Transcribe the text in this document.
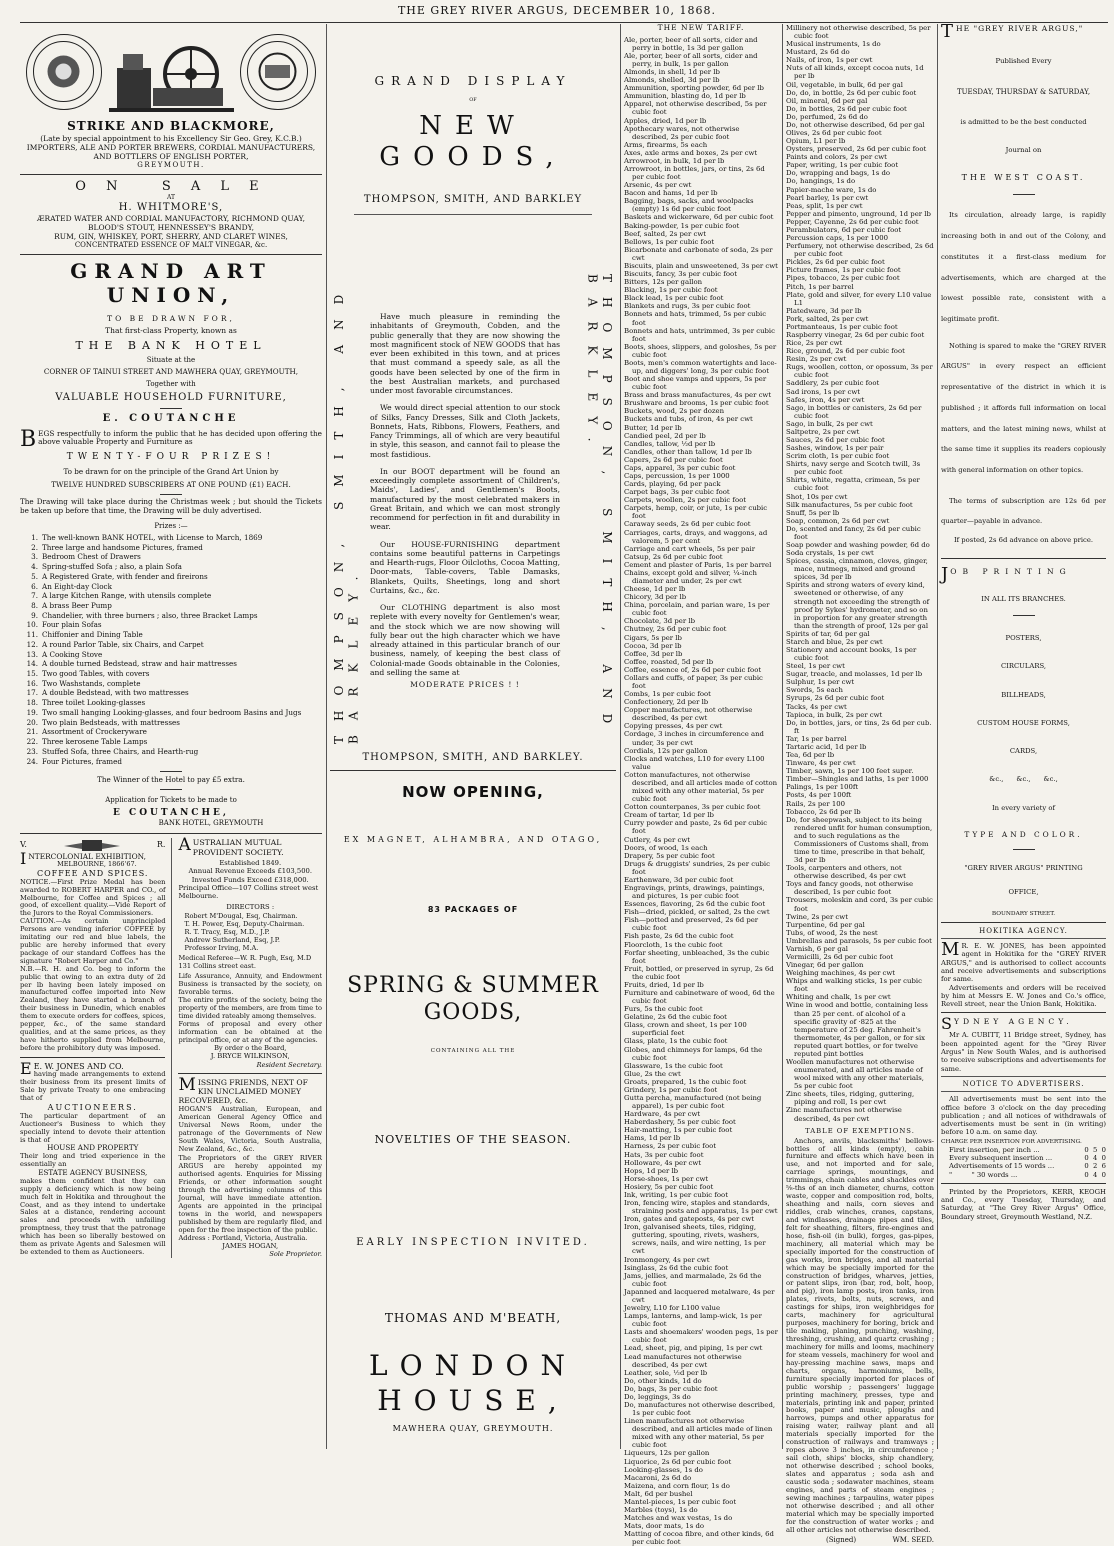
THE GREY RIVER ARGUS, DECEMBER 10, 1868.
STRIKE AND BLACKMORE,
(Late by special appointment to his Excellency Sir Geo. Grey, K.C.B.)
IMPORTERS, ALE AND PORTER BREWERS, CORDIAL MANUFACTURERS,
AND BOTTLERS OF ENGLISH PORTER,
GREYMOUTH.
O N   S A L E
AT
H. WHITMORE'S,
ÆRATED WATER AND CORDIAL MANUFACTORY, RICHMOND QUAY,
BLOOD'S STOUT, HENNESSEY'S BRANDY,
RUM, GIN, WHISKEY, PORT, SHERRY, AND CLARET WINES,
CONCENTRATED ESSENCE OF MALT VINEGAR, &c.
GRAND ART UNION,
TO BE DRAWN FOR,
That first-class Property, known as
THE BANK HOTEL
Situate at the
CORNER OF TAINUI STREET AND MAWHERA QUAY, GREYMOUTH,
Together with
VALUABLE HOUSEHOLD FURNITURE,
E. COUTANCHE
BEGS respectfully to inform the public that he has decided upon offering the above valuable Property and Furniture as
TWENTY-FOUR PRIZES!
To be drawn for on the principle of the Grand Art Union by
TWELVE HUNDRED SUBSCRIBERS AT ONE POUND (£1) EACH.
The Drawing will take place during the Christmas week ; but should the Tickets be taken up before that time, the Drawing will be duly advertised.
Prizes :—
1. The well-known BANK HOTEL, with License to March, 1869
2. Three large and handsome Pictures, framed
3. Bedroom Chest of Drawers
4. Spring-stuffed Sofa ; also, a plain Sofa
5. A Registered Grate, with fender and fireirons
6. An Eight-day Clock
7. A large Kitchen Range, with utensils complete
8. A brass Beer Pump
9. Chandelier, with three burners ; also, three Bracket Lamps
10. Four plain Sofas
11. Chiffonier and Dining Table
12. A round Parlor Table, six Chairs, and Carpet
13. A Cooking Stove
14. A double turned Bedstead, straw and hair mattresses
15. Two good Tables, with covers
16. Two Washstands, complete
17. A double Bedstead, with two mattresses
18. Three toilet Looking-glasses
19. Two small hanging Looking-glasses, and four bedroom Basins and Jugs
20. Two plain Bedsteads, with mattresses
21. Assortment of Crockeryware
22. Three kerosene Table Lamps
23. Stuffed Sofa, three Chairs, and Hearth-rug
24. Four Pictures, framed
The Winner of the Hotel to pay £5 extra.
Application for Tickets to be made to
E COUTANCHE,
BANK HOTEL, GREYMOUTH
V.	R.
INTERCOLONIAL EXHIBITION,
MELBOURNE, 1866'67.
COFFEE AND SPICES.
NOTICE.—First Prize Medal has been awarded to ROBERT HARPER and CO., of Melbourne, for Coffee and Spices ; all good, of excellent quality.—Vide Report of the Jurors to the Royal Commissioners.
CAUTION.—As certain unprincipled Persons are vending inferior COFFEE by imitating our red and blue labels, the public are hereby informed that every package of our standard Coffees has the signature "Robert Harper and Co."
N.B.—R. H. and Co. beg to inform the public that owing to an extra duty of 2d per lb having been lately imposed on manufactured coffee imported into New Zealand, they have started a branch of their business in Dunedin, which enables them to execute orders for coffees, spices, pepper, &c., of the same standard qualities, and at the same prices, as they have hitherto supplied from Melbourne, before the prohibitory duty was imposed.
E E. W. JONES AND CO.
having made arrangements to extend their business from its present limits of Sale by private Treaty to one embracing that of
AUCTIONEERS.
The particular department of an Auctioneer's Business to which they specially intend to devote their attention is that of
HOUSE AND PROPERTY
Their long and tried experience in the essentially an
ESTATE AGENCY BUSINESS,
makes them confident that they can supply a deficiency which is now being much felt in Hokitika and throughout the Coast, and as they intend to undertake Sales at a distance, rendering account sales and proceeds with unfailing promptness, they trust that the patronage which has been so liberally bestowed on them as private Agents and Salesmen will be extended to them as Auctioneers.
AUSTRALIAN MUTUAL PROVIDENT SOCIETY.
Established 1849.
Annual Revenue Exceeds £103,500.
Invested Funds Exceed £318,000.
Principal Office—107 Collins street west Melbourne.
DIRECTORS :
Robert M'Dougal, Esq, Chairman.
T. H. Power, Esq, Deputy-Chairman.
R. T. Tracy, Esq, M.D., J.P.
Andrew Sutherland, Esq, J.P.
Professor Irving, M.A.
Medical Referee—W. R. Pugh, Esq, M.D 131 Collins street east.
Life Assurance, Annuity, and Endowment Business is transacted by the society, on favorable terms.
The entire profits of the society, being the property of the members, are from time to time divided rateably among themselves.
Forms of proposal and every other information can be obtained at the principal office, or at any of the agencies.
By order o the Board,
J. BRYCE WILKINSON,
Resident Secretary.
MISSING FRIENDS, NEXT OF KIN UNCLAIMED MONEY RECOVERED, &c.
HOGAN'S Australian, European, and American General Agency Office and Universal News Room, under the patronage of the Governments of New South Wales, Victoria, South Australia, New Zealand, &c., &c.
The Proprietors of the GREY RIVER ARGUS are hereby appointed my authorised agents. Enquiries for Missing Friends, or other information sought through the advertising columns of this Journal, will have immediate attention. Agents are appointed in the principal towns in the world, and newspapers published by them are regularly filed, and open for the free inspection of the public.
Address : Portland, Victoria, Australia.
JAMES HOGAN,
Sole Proprietor.
GRAND DISPLAY
OF
NEW GOODS,
THOMPSON, SMITH, AND BARKLEY
THOMPSON, SMITH, AND BARKLEY.	THOMPSON, SMITH, AND BARKLEY.

Have much pleasure in reminding the inhabitants of Greymouth, Cobden, and the public generally that they are now showing the most magnificent stock of NEW GOODS that has ever been exhibited in this town, and at prices that must command a speedy sale, as all the goods have been selected by one of the firm in the best Australian markets, and purchased under most favorable circumstances.

We would direct special attention to our stock of Silks, Fancy Dresses, Silk and Cloth Jackets, Bonnets, Hats, Ribbons, Flowers, Feathers, and Fancy Trimmings, all of which are very beautiful in style, this season, and cannot fail to please the most fastidious.

In our BOOT department will be found an exceedingly complete assortment of Children's, Maids', Ladies', and Gentlemen's Boots, manufactured by the most celebrated makers in Great Britain, and which we can most strongly recommend for perfection in fit and durability in wear.

Our HOUSE-FURNISHING department contains some beautiful patterns in Carpetings and Hearth-rugs, Floor Oilcloths, Cocoa Matting, Door-mats, Table-covers, Table Damasks, Blankets, Quilts, Sheetings, long and short Curtains, &c., &c.

Our CLOTHING department is also most replete with every novelty for Gentlemen's wear, and the stock which we are now showing will fully bear out the high character which we have already attained in this particular branch of our business, namely, of keeping the best class of Colonial-made Goods obtainable in the Colonies, and selling the same at

MODERATE PRICES ! !

THOMPSON, SMITH, AND BARKLEY.
NOW OPENING,
EX MAGNET, ALHAMBRA, AND OTAGO,
83 PACKAGES OF
SPRING & SUMMER GOODS,
CONTAINING ALL THE
NOVELTIES OF THE SEASON.
EARLY INSPECTION INVITED.
THOMAS AND M'BEATH,
LONDON HOUSE,
MAWHERA QUAY, GREYMOUTH.
THE NEW TARIFF.

Ale, porter, beer of all sorts, cider and perry in bottle, 1s 3d per gallon

Ale, porter, beer of all sorts, cider and perry, in bulk, 1s per gallon

Almonds, in shell, 1d per lb

Almonds, shelled, 3d per lb

Ammunition, sporting powder, 6d per lb

Ammunition, blasting do, 1d per lb

Apparel, not otherwise described, 5s per cubic foot

Apples, dried, 1d per lb

Apothecary wares, not otherwise described, 2s per cubic foot

Arms, firearms, 5s each

Axes, axle arms and boxes, 2s per cwt

Arrowroot, in bulk, 1d per lb

Arrowroot, in bottles, jars, or tins, 2s 6d per cubic foot

Arsenic, 4s per cwt

Bacon and hams, 1d per lb

Bagging, bags, sacks, and woolpacks (empty) 1s 6d per cubic foot

Baskets and wickerware, 6d per cubic foot

Baking-powder, 1s per cubic foot

Beef, salted, 2s per cwt

Bellows, 1s per cubic foot

Bicarbonate and carbonate of soda, 2s per cwt

Biscuits, plain and unsweetened, 3s per cwt

Biscuits, fancy, 3s per cubic foot

Bitters, 12s per gallon

Blacking, 1s per cubic foot

Black lead, 1s per cubic foot

Blankets and rugs, 3s per cubic foot

Bonnets and hats, trimmed, 5s per cubic foot

Bonnets and hats, untrimmed, 3s per cubic foot

Boots, shoes, slippers, and goloshes, 5s per cubic foot

Boots, men's common watertights and lace-up, and diggers' long, 3s per cubic foot

Boot and shoe vamps and uppers, 5s per cubic foot

Brass and brass manufactures, 4s per cwt

Brushware and brooms, 1s per cubic foot

Buckets, wood, 2s per dozen

Buckets and tubs, of iron, 4s per cwt

Butter, 1d per lb

Candied peel, 2d per lb

Candles, tallow, ½d per lb

Candles, other than tallow, 1d per lb

Capers, 2s 6d per cubic foot

Caps, apparel, 3s per cubic foot

Caps, percussion, 1s per 1000

Cards, playing, 6d per pack

Carpet bags, 3s per cubic foot

Carpets, woollen, 2s per cubic foot

Carpets, hemp, coir, or jute, 1s per cubic foot

Caraway seeds, 2s 6d per cubic foot

Carriages, carts, drays, and waggons, ad valorem, 5 per cent

Carriage and cart wheels, 5s per pair

Catsup, 2s 6d per cubic foot

Cement and plaster of Paris, 1s per barrel

Chains, except gold and silver, ¼-inch diameter and under, 2s per cwt

Cheese, 1d per lb

Chicory, 3d per lb

China, porcelain, and parian ware, 1s per cubic foot

Chocolate, 3d per lb

Chutney, 2s 6d per cubic foot

Cigars, 5s per lb

Cocoa, 3d per lb

Coffee, 3d per lb

Coffee, roasted, 5d per lb

Coffee, essence of, 2s 6d per cubic foot

Collars and cuffs, of paper, 3s per cubic foot

Combs, 1s per cubic foot

Confectionery, 2d per lb

Copper manufactures, not otherwise described, 4s per cwt

Copying presses, 4s per cwt

Cordage, 3 inches in circumference and under, 3s per cwt

Cordials, 12s per gallon

Clocks and watches, L10 for every L100 value

Cotton manufactures, not otherwise described, and all articles made of cotton mixed with any other material, 5s per cubic foot

Cotton counterpanes, 3s per cubic foot

Cream of tartar, 1d per lb

Curry powder and paste, 2s 6d per cubic foot

Cutlery, 4s per cwt

Doors, of wood, 1s each

Drapery, 5s per cubic foot

Drugs & druggists' sundries, 2s per cubic foot

Earthenware, 3d per cubic foot

Engravings, prints, drawings, paintings, and pictures, 1s per cubic foot

Essences, flavoring, 2s 6d the cubic foot

Fish—dried, pickled, or salted, 2s the cwt

Fish—potted and preserved, 2s 6d per cubic foot

Fish paste, 2s 6d the cubic foot

Floorcloth, 1s the cubic foot

Forfar sheeting, unbleached, 3s the cubic foot

Fruit, bottled, or preserved in syrup, 2s 6d the cubic foot

Fruits, dried, 1d per lb

Furniture and cabinetware of wood, 6d the cubic foot

Furs, 5s the cubic foot

Gelatine, 2s 6d the cubic foot

Glass, crown and sheet, 1s per 100 superficial feet

Glass, plate, 1s the cubic foot

Globes, and chimneys for lamps, 6d the cubic foot

Glassware, 1s the cubic foot

Glue, 2s the cwt

Groats, prepared, 1s the cubic foot

Grindery, 1s per cubic foot

Gutta percha, manufactured (not being apparel), 1s per cubic foot

Hardware, 4s per cwt

Haberdashery, 5s per cubic foot

Hair-matting, 1s per cubic foot

Hams, 1d per lb

Harness, 2s per cubic foot

Hats, 3s per cubic foot

Holloware, 4s per cwt

Hops, 1d per lb

Horse-shoes, 1s per cwt

Hosiery, 5s per cubic foot

Ink, writing, 1s per cubic foot

Iron, fencing wire, staples and standards, straining posts and apparatus, 1s per cwt

Iron, gates and gateposts, 4s per cwt

Iron, galvanised sheets, tiles, ridging, guttering, spouting, rivets, washers, screws, nails, and wire netting, 1s per cwt

Ironmongery, 4s per cwt

Isinglass, 2s 6d the cubic foot

Jams, jellies, and marmalade, 2s 6d the cubic foot

Japanned and lacquered metalware, 4s per cwt

Jewelry, L10 for L100 value

Lamps, lanterns, and lamp-wick, 1s per cubic foot

Lasts and shoemakers' wooden pegs, 1s per cubic foot

Lead, sheet, pig, and piping, 1s per cwt

Lead manufactures not otherwise described, 4s per cwt

Leather, sole, ½d per lb

Do, other kinds, 1d do

Do, bags, 3s per cubic foot

Do, leggings, 3s do

Do, manufactures not otherwise described, 1s per cubic foot

Linen manufactures not otherwise described, and all articles made of linen mixed with any other material, 5s per cubic foot

Liqueurs, 12s per gallon

Liquorice, 2s 6d per cubic foot

Looking-glasses, 1s do

Macaroni, 2s 6d do

Maizena, and corn flour, 1s do

Malt, 6d per bushel

Mantel-pieces, 1s per cubic foot

Marbles (toys), 1s do

Matches and wax vestas, 1s do

Mats, door mats, 1s do

Matting of cocoa fibre, and other kinds, 6d per cubic foot

Millinery not otherwise described, 5s per cubic foot

Musical instruments, 1s do

Mustard, 2s 6d do

Nails, of iron, 1s per cwt

Nuts of all kinds, except cocoa nuts, 1d per lb

Oil, vegetable, in bulk, 6d per gal

Do, do, in bottle, 2s 6d per cubic foot

Oil, mineral, 6d per gal

Do, in bottles, 2s 6d per cubic foot

Do, perfumed, 2s 6d do

Do, not otherwise described, 6d per gal

Olives, 2s 6d per cubic foot

Opium, L1 per lb

Oysters, preserved, 2s 6d per cubic foot

Paints and colors, 2s per cwt

Paper, writing, 1s per cubic foot

Do, wrapping and bags, 1s do

Do, hangings, 1s do

Papier-mache ware, 1s do

Pearl barley, 1s per cwt

Peas, split, 1s per cwt

Pepper and pimento, unground, 1d per lb

Pepper, Cayenne, 2s 6d per cubic foot

Perambulators, 6d per cubic foot

Percussion caps, 1s per 1000

Perfumery, not otherwise described, 2s 6d per cubic foot

Pickles, 2s 6d per cubic foot

Picture frames, 1s per cubic foot

Pipes, tobacco, 2s per cubic foot

Pitch, 1s per barrel

Plate, gold and silver, for every L10 value L1

Platedware, 3d per lb

Pork, salted, 2s per cwt

Portmanteaus, 1s per cubic foot

Raspberry vinegar, 2s 6d per cubic foot

Rice, 2s per cwt

Rice, ground, 2s 6d per cubic foot

Resin, 2s per cwt

Rugs, woollen, cotton, or opossum, 3s per cubic foot

Saddlery, 2s per cubic foot

Sad irons, 1s per cwt

Safes, iron, 4s per cwt

Sago, in bottles or canisters, 2s 6d per cubic foot

Sago, in bulk, 2s per cwt

Saltpetre, 2s per cwt

Sauces, 2s 6d per cubic foot

Sashes, window, 1s per pair

Scrim cloth, 1s per cubic foot

Shirts, navy serge and Scotch twill, 3s per cubic foot

Shirts, white, regatta, crimean, 5s per cubic foot

Shot, 10s per cwt

Silk manufactures, 5s per cubic foot

Snuff, 5s per lb

Soap, common, 2s 6d per cwt

Do, scented and fancy, 2s 6d per cubic foot

Soap powder and washing powder, 6d do

Soda crystals, 1s per cwt

Spices, cassia, cinnamon, cloves, ginger, mace, nutmegs, mixed and ground spices, 3d per lb

Spirits and strong waters of every kind, sweetened or otherwise, of any strength not exceeding the strength of proof by Sykes' hydrometer, and so on in proportion for any greater strength than the strength of proof, 12s per gal

Spirits of tar, 6d per gal

Starch and blue, 2s per cwt

Stationery and account books, 1s per cubic foot

Steel, 1s per cwt

Sugar, treacle, and molasses, 1d per lb

Sulphur, 1s per cwt

Swords, 5s each

Syrups, 2s 6d per cubic foot

Tacks, 4s per cwt

Tapioca, in bulk, 2s per cwt

Do, in bottles, jars, or tins, 2s 6d per cub. ft

Tar, 1s per barrel

Tartaric acid, 1d per lb

Tea, 6d per lb

Tinware, 4s per cwt

Timber, sawn, 1s per 100 feet super.

Timber—Shingles and laths, 1s per 1000

Palings, 1s per 100ft

Posts, 4s per 100ft

Rails, 2s per 100

Tobacco, 2s 6d per lb

Do, for sheepwash, subject to its being rendered unfit for human consumption, and to such regulations as the Commissioners of Customs shall, from time to time, prescribe in that behalf, 3d per lb

Tools, carpenters and others, not otherwise described, 4s per cwt

Toys and fancy goods, not otherwise described, 1s per cubic foot

Trousers, moleskin and cord, 3s per cubic foot

Twine, 2s per cwt

Turpentine, 6d per gal

Tubs, of wood, 2s the nest

Umbrellas and parasols, 5s per cubic foot

Varnish, 6 per gal

Vermicilli, 2s 6d per cubic foot

Vinegar, 6d per gallon

Weighing machines, 4s per cwt

Whips and walking sticks, 1s per cubic foot

Whiting and chalk, 1s per cwt

Wine in wood and bottle, containing less than 25 per cent. of alcohol of a specific gravity of ·825 at the temperature of 25 deg. Fahrenheit's thermometer, 4s per gallon, or for six reputed quart bottles, or for twelve reputed pint bottles

Woollen manufactures not otherwise enumerated, and all articles made of wool mixed with any other materials, 5s per cubic foot

Zinc sheets, tiles, ridging, guttering, piping and roll, 1s per cwt

Zinc manufactures not otherwise described, 4s per cwt

TABLE OF EXEMPTIONS.
Anchors, anvils, blacksmiths' bellows-bottles of all kinds (empty), cabin furniture and effects which have been in use, and not imported and for sale, carriage springs, mountings, and trimmings, chain cables and shackles over ⅝-ths of an inch diameter, churns, cotton waste, copper and composition rod, bolts, sheathing and nails, corn sieves and riddles, crab winches, cranes, capstans, and windlasses, drainage pipes and tiles, felt for sheathing, filters, fire-engines and hose, fish-oil (in bulk), forges, gas-pipes, machinery, all material which may be specially imported for the construction of gas works, iron bridges, and all material which may be specially imported for the construction of bridges, wharves, jetties, or patent slips, iron (bar, rod, bolt, hoop, and pig), iron lamp posts, iron tanks, iron plates, rivets, bolts, nuts, screws, and castings for ships, iron weighbridges for carts, machinery for agricultural purposes, machinery for boring, brick and tile making, planing, punching, washing, threshing, crushing, and quartz crushing ; machinery for mills and looms, machinery for steam vessels, machinery for wool and hay-pressing machine saws, maps and charts, organs, harmoniums, bells, furniture specially imported for places of public worship ; passengers' luggage printing machinery, presses, type and materials, printing ink and paper, printed books, paper and music, ploughs and harrows, pumps and other apparatus for raising water, railway plant and all materials specially imported for the construction of railways and tramways ; ropes above 3 inches, in circumference ; sail cloth, ships' blocks, ship chandlery, not otherwise described ; school books, slates and apparatus ; soda ash and caustic soda ; sodawater machines, steam engines, and parts of steam engines ; sewing machines ; tarpaulins, water pipes not otherwise described ; and all other material which may be specially imported for the construction of water works ; and all other articles not otherwise described.
(Signed)	WM. SEED.
THE "GREY RIVER ARGUS,"
Published Every
TUESDAY, THURSDAY & SATURDAY,
is admitted to be the best conducted
Journal on
THE WEST COAST.
Its circulation, already large, is rapidly increasing both in and out of the Colony, and constitutes it a first-class medium for advertisements, which are charged at the lowest possible rate, consistent with a legitimate profit.
Nothing is spared to make the "GREY RIVER ARGUS" in every respect an efficient representative of the district in which it is published ; it affords full information on local matters, and the latest mining news, whilst at the same time it supplies its readers copiously with general information on other topics.
The terms of subscription are 12s 6d per quarter—payable in advance.
If posted, 2s 6d advance on above price.
JOB PRINTING
IN ALL ITS BRANCHES.
POSTERS,
CIRCULARS,
BILLHEADS,
CUSTOM HOUSE FORMS,
CARDS,
&c.,      &c.,      &c.,
In every variety of
TYPE AND COLOR.
"GREY RIVER ARGUS" PRINTING
OFFICE,
BOUNDARY STREET.
HOKITIKA AGENCY.
M R. E. W. JONES, has been appointed agent in Hokitika for the "GREY RIVER ARGUS," and is authorised to collect accounts and receive advertisements and subscriptions for same.
Advertisements and orders will be received by him at Messrs E. W. Jones and Co.'s office, Revell street, near the Union Bank, Hokitika.
SYDNEY AGENCY.
Mr A. CUBITT, 11 Bridge street, Sydney, has been appointed agent for the "Grey River Argus" in New South Wales, and is authorised to receive subscriptions and advertisements for same.
NOTICE TO ADVERTISERS.
All advertisements must be sent into the office before 3 o'clock on the day preceding publication ; and all notices of withdrawals of advertisements must be sent in (in writing) before 10 a.m. on same day.
CHARGE PER INSERTION FOR ADVERTISING.
First insertion, per inch ...	0  5  0
Every subsequent insertion ...	0  4  0
Advertisements of 15 words ...	0  2  6
"         " 30 words ...	0  4  0
Printed by the Proprietors, KERR, KEOGH and Co., every Tuesday, Thursday, and Saturday, at "The Grey River Argus" Office, Boundary street, Greymouth Westland, N.Z.
